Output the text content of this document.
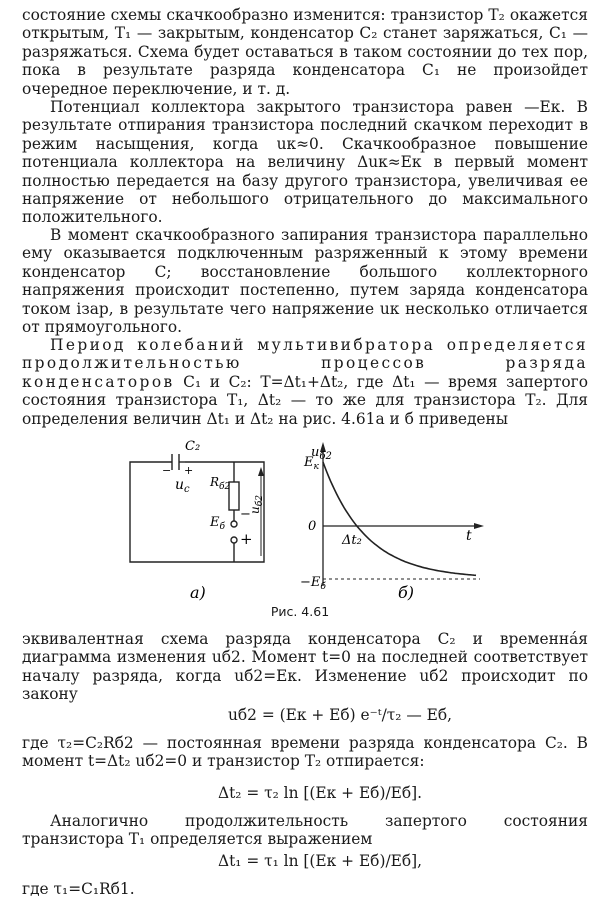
состояние схемы скачкообразно изменится: транзистор Т₂ окажется открытым, Т₁ — закрытым, конденсатор C₂ станет заряжаться, C₁ — разряжаться. Схема будет оставаться в таком состоянии до тех пор, пока в результате разряда конденсатора C₁ не произойдет очередное переключение, и т. д.

Потенциал коллектора закрытого транзистора равен —Eк. В результате отпирания транзистора последний скачком переходит в режим насыщения, когда uк≈0. Скачкообразное повышение потенциала коллектора на величину Δuк≈Eк в первый момент полностью передается на базу другого транзистора, увеличивая ее напряжение от небольшого отрицательного до максимального положительного.

В момент скачкообразного запирания транзистора параллельно ему оказывается подключенным разряженный к этому времени конденсатор C; восстановление большого коллекторного напряжения происходит постепенно, путем заряда конденсатора током iзар, в результате чего напряжение uк несколько отличается от прямоугольного.

Период колебаний мультивибратора определяется продолжительностью процессов разряда конденсаторов C₁ и C₂: T=Δt₁+Δt₂, где Δt₁ — время запертого состояния транзистора Т₁, Δt₂ — то же для транзистора Т₂. Для определения величин Δt₁ и Δt₂ на рис. 4.61а и б приведены

C₂
+
−
$u_c$
$R_{б2}$
$u_{б2}$
−
$E_б$
+
а)
$u_{б2}$
$E_к$
0
t
Δt₂
$-E_б$	б)
Рис. 4.61

эквивалентная схема разряда конденсатора C₂ и временна́я диаграмма изменения uб2. Момент t=0 на последней соответствует началу разряда, когда uб2=Eк. Изменение uб2 происходит по закону

uб2 = (Eк + Eб) e⁻ᵗ/τ₂ — Eб,

где τ₂=C₂Rб2 — постоянная времени разряда конденсатора C₂. В момент t=Δt₂ uб2=0 и транзистор Т₂ отпирается:

Δt₂ = τ₂ ln [(Eк + Eб)/Eб].

Аналогично продолжительность запертого состояния транзистора Т₁ определяется выражением

Δt₁ = τ₁ ln [(Eк + Eб)/Eб],

где τ₁=C₁Rб1.
